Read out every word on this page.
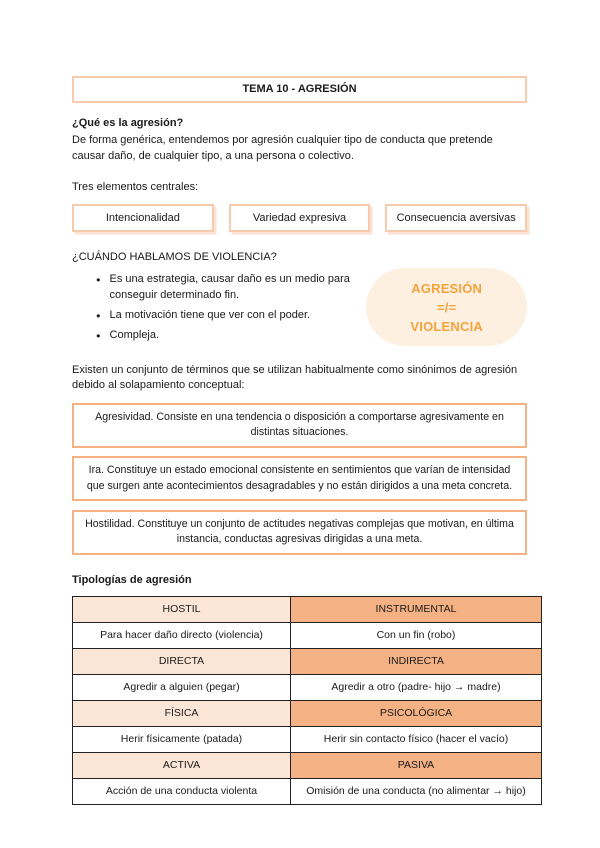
TEMA 10 - AGRESIÓN

¿Qué es la agresión?

De forma genérica, entendemos por agresión cualquier tipo de conducta que pretende causar daño, de cualquier tipo, a una persona o colectivo.

Tres elementos centrales:

Intencionalidad	Variedad expresiva	Consecuencia aversivas

¿CUÁNDO HABLAMOS DE VIOLENCIA?

●
Es una estrategia, causar daño es un medio para conseguir determinado fin.
●
La motivación tiene que ver con el poder.
●
Compleja.
AGRESIÓN
=/=
VIOLENCIA

Existen un conjunto de términos que se utilizan habitualmente como sinónimos de agresión debido al solapamiento conceptual:

Agresividad. Consiste en una tendencia o disposición a comportarse agresivamente en distintas situaciones.
Ira. Constituye un estado emocional consistente en sentimientos que varían de intensidad que surgen ante acontecimientos desagradables y no están dirigidos a una meta concreta.
Hostilidad. Constituye un conjunto de actitudes negativas complejas que motivan, en última instancia, conductas agresivas dirigidas a una meta.

Tipologías de agresión

HOSTIL	INSTRUMENTAL
Para hacer daño directo (violencia)	Con un fin (robo)
DIRECTA	INDIRECTA
Agredir a alguien (pegar)	Agredir a otro (padre- hijo → madre)
FÍSICA	PSICOLÓGICA
Herir físicamente (patada)	Herir sin contacto físico (hacer el vacío)
ACTIVA	PASIVA
Acción de una conducta violenta	Omisión de una conducta (no alimentar → hijo)
